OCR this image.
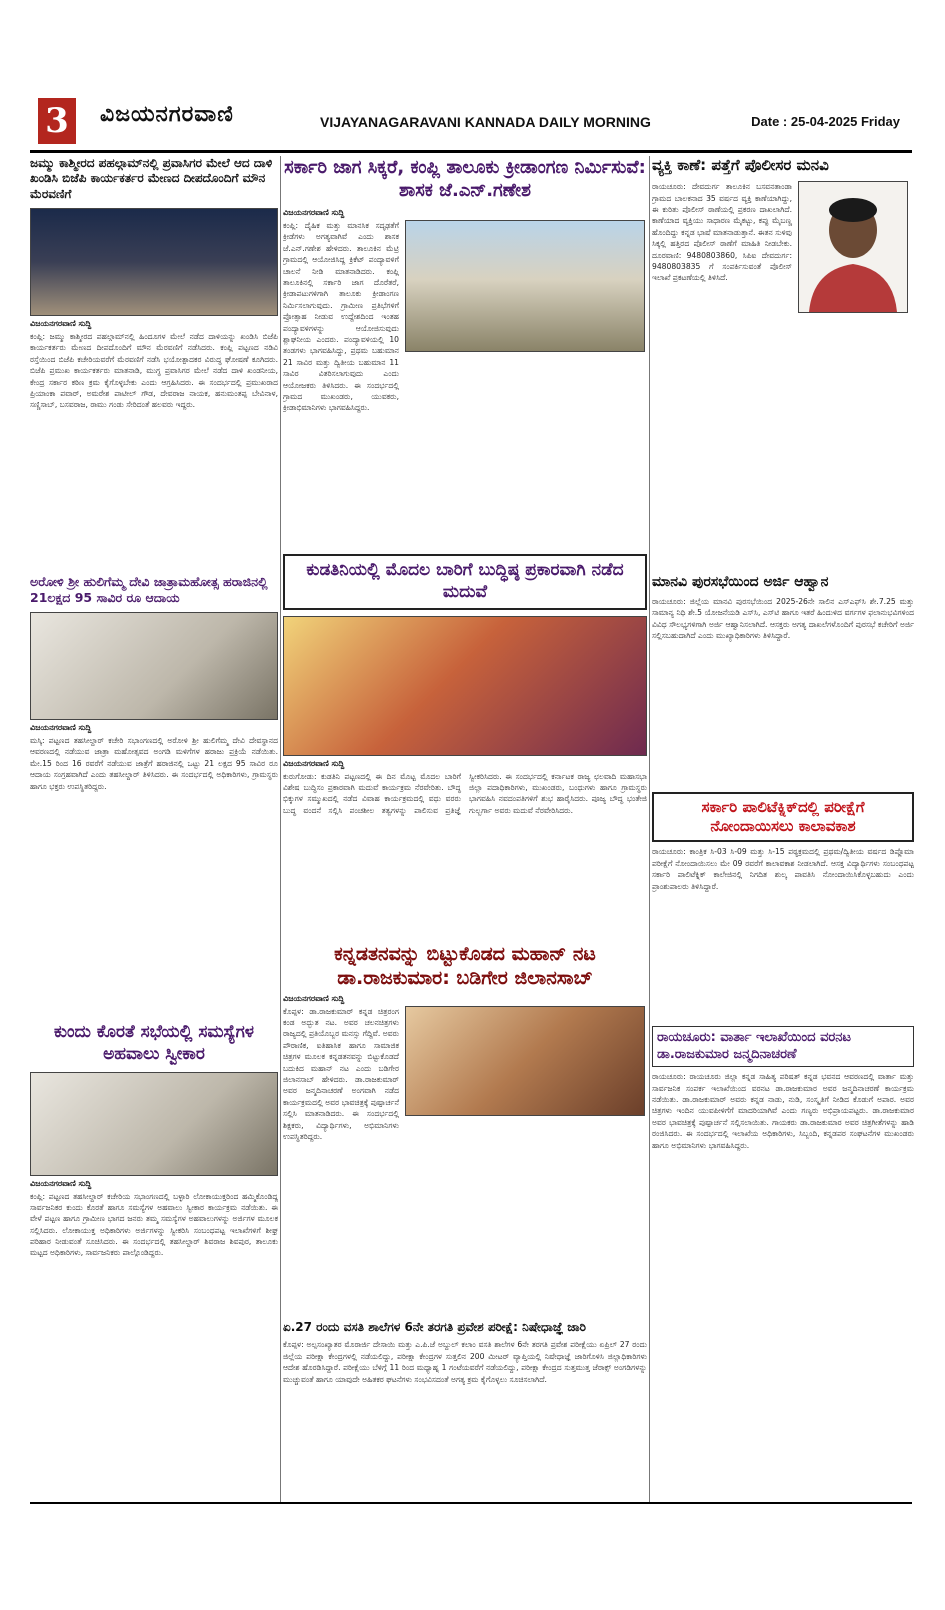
3	ವಿಜಯನಗರವಾಣಿ	VIJAYANAGARAVANI KANNADA DAILY MORNING	Date : 25-04-2025 Friday
ಜಮ್ಮು ಕಾಶ್ಮೀರದ ಪಹಲ್ಗಾಮ್‌ನಲ್ಲಿ ಪ್ರವಾಸಿಗರ ಮೇಲೆ ಆದ ದಾಳಿ ಖಂಡಿಸಿ ಬಿಜೆಪಿ ಕಾರ್ಯಕರ್ತರ ಮೇಣದ ದೀಪದೊಂದಿಗೆ ಮೌನ ಮೆರವಣಿಗೆ
ವಿಜಯನಗರವಾಣಿ ಸುದ್ದಿ
ಕಂಪ್ಲಿ: ಜಮ್ಮು ಕಾಶ್ಮೀರದ ಪಹಲ್ಗಾಮ್‌ನಲ್ಲಿ ಹಿಂದೂಗಳ ಮೇಲೆ ನಡೆದ ದಾಳಿಯನ್ನು ಖಂಡಿಸಿ ಬಿಜೆಪಿ ಕಾರ್ಯಕರ್ತರು ಮೇಣದ ದೀಪದೊಂದಿಗೆ ಮೌನ ಮೆರವಣಿಗೆ ನಡೆಸಿದರು. ಕಂಪ್ಲಿ ಪಟ್ಟಣದ ನಡಿವಿ ರಸ್ತೆಯಿಂದ ಬಿಜೆಪಿ ಕಚೇರಿಯವರೆಗೆ ಮೆರವಣಿಗೆ ನಡೆಸಿ ಭಯೋತ್ಪಾದಕರ ವಿರುದ್ಧ ಘೋಷಣೆ ಕೂಗಿದರು. ಬಿಜೆಪಿ ಪ್ರಮುಖ ಕಾರ್ಯಕರ್ತರು ಮಾತನಾಡಿ, ಮುಗ್ಧ ಪ್ರವಾಸಿಗರ ಮೇಲೆ ನಡೆದ ದಾಳಿ ಖಂಡನೀಯ, ಕೇಂದ್ರ ಸರ್ಕಾರ ಕಠಿಣ ಕ್ರಮ ಕೈಗೊಳ್ಳಬೇಕು ಎಂದು ಆಗ್ರಹಿಸಿದರು. ಈ ಸಂದರ್ಭದಲ್ಲಿ ಪ್ರಮುಖರಾದ ಪ್ರಿಯಾಂಕಾ ಪವಾರ್, ಅಮರೇಶ ಪಾಟೀಲ್ ಗೌಡ, ದೇವರಾಜ ನಾಯಕ, ಹನುಮಂತಪ್ಪ ಬೇವಿನಾಳ, ಸಣ್ಣಿಸಾಬ್, ಬಸವರಾಜ, ರಾಮು ಗಂಡು ಸೇರಿದಂತೆ ಹಲವರು ಇದ್ದರು.
ಅರೋಳಿ ಶ್ರೀ ಹುಲಿಗೆಮ್ಮ ದೇವಿ ಜಾತ್ರಾಮಹೋತ್ಸ ಹರಾಜಿನಲ್ಲಿ 21ಲಕ್ಷದ 95 ಸಾವಿರ ರೂ ಆದಾಯ
ವಿಜಯನಗರವಾಣಿ ಸುದ್ದಿ
ಮಸ್ಕಿ: ಪಟ್ಟಣದ ತಹಸೀಲ್ದಾರ್ ಕಚೇರಿ ಸಭಾಂಗಣದಲ್ಲಿ ಅರೋಳಿ ಶ್ರೀ ಹುಲಿಗೆಮ್ಮ ದೇವಿ ದೇವಸ್ಥಾನದ ಆವರಣದಲ್ಲಿ ನಡೆಯುವ ಜಾತ್ರಾ ಮಹೋತ್ಸವದ ಅಂಗಡಿ ಮಳಿಗೆಗಳ ಹರಾಜು ಪ್ರಕ್ರಿಯೆ ನಡೆಯಿತು. ಮೇ.15 ರಿಂದ 16 ರವರೆಗೆ ನಡೆಯುವ ಜಾತ್ರೆಗೆ ಹರಾಜಿನಲ್ಲಿ ಒಟ್ಟು 21 ಲಕ್ಷದ 95 ಸಾವಿರ ರೂ ಆದಾಯ ಸಂಗ್ರಹವಾಗಿದೆ ಎಂದು ತಹಸೀಲ್ದಾರ್ ತಿಳಿಸಿದರು. ಈ ಸಂದರ್ಭದಲ್ಲಿ ಅಧಿಕಾರಿಗಳು, ಗ್ರಾಮಸ್ಥರು ಹಾಗೂ ಭಕ್ತರು ಉಪಸ್ಥಿತರಿದ್ದರು.
ಕುಂದು ಕೊರತೆ ಸಭೆಯಲ್ಲಿ ಸಮಸ್ಯೆಗಳ ಅಹವಾಲು ಸ್ವೀಕಾರ
ವಿಜಯನಗರವಾಣಿ ಸುದ್ದಿ
ಕಂಪ್ಲಿ: ಪಟ್ಟಣದ ತಹಸೀಲ್ದಾರ್ ಕಚೇರಿಯ ಸಭಾಂಗಣದಲ್ಲಿ ಬಳ್ಳಾರಿ ಲೋಕಾಯುಕ್ತರಿಂದ ಹಮ್ಮಿಕೊಂಡಿದ್ದ ಸಾರ್ವಜನಿಕರ ಕುಂದು ಕೊರತೆ ಹಾಗೂ ಸಮಸ್ಯೆಗಳ ಅಹವಾಲು ಸ್ವೀಕಾರ ಕಾರ್ಯಕ್ರಮ ನಡೆಯಿತು. ಈ ವೇಳೆ ಪಟ್ಟಣ ಹಾಗೂ ಗ್ರಾಮೀಣ ಭಾಗದ ಜನರು ತಮ್ಮ ಸಮಸ್ಯೆಗಳ ಅಹವಾಲುಗಳನ್ನು ಅರ್ಜಿಗಳ ಮೂಲಕ ಸಲ್ಲಿಸಿದರು. ಲೋಕಾಯುಕ್ತ ಅಧಿಕಾರಿಗಳು ಅರ್ಜಿಗಳನ್ನು ಸ್ವೀಕರಿಸಿ ಸಂಬಂಧಪಟ್ಟ ಇಲಾಖೆಗಳಿಗೆ ಶೀಘ್ರ ಪರಿಹಾರ ನೀಡುವಂತೆ ಸೂಚಿಸಿದರು. ಈ ಸಂದರ್ಭದಲ್ಲಿ ತಹಸೀಲ್ದಾರ್ ಶಿವರಾಜ ಶಿವಪುರ, ತಾಲೂಕು ಮಟ್ಟದ ಅಧಿಕಾರಿಗಳು, ಸಾರ್ವಜನಿಕರು ಪಾಲ್ಗೊಂಡಿದ್ದರು.
ಸರ್ಕಾರಿ ಜಾಗ ಸಿಕ್ಕರೆ, ಕಂಪ್ಲಿ ತಾಲೂಕು ಕ್ರೀಡಾಂಗಣ ನಿರ್ಮಿಸುವೆ: ಶಾಸಕ ಜೆ.ಎನ್.ಗಣೇಶ
ವಿಜಯನಗರವಾಣಿ ಸುದ್ದಿ
ಕಂಪ್ಲಿ: ದೈಹಿಕ ಮತ್ತು ಮಾನಸಿಕ ಸದೃಢತೆಗೆ ಕ್ರೀಡೆಗಳು ಅಗತ್ಯವಾಗಿವೆ ಎಂದು ಶಾಸಕ ಜೆ.ಎನ್.ಗಣೇಶ ಹೇಳಿದರು. ತಾಲೂಕಿನ ಮೆಟ್ರಿ ಗ್ರಾಮದಲ್ಲಿ ಆಯೋಜಿಸಿದ್ದ ಕ್ರಿಕೆಟ್ ಪಂದ್ಯಾವಳಿಗೆ ಚಾಲನೆ ನೀಡಿ ಮಾತನಾಡಿದರು. ಕಂಪ್ಲಿ ತಾಲೂಕಿನಲ್ಲಿ ಸರ್ಕಾರಿ ಜಾಗ ದೊರೆತರೆ, ಕ್ರೀಡಾಪಟುಗಳಿಗಾಗಿ ತಾಲೂಕು ಕ್ರೀಡಾಂಗಣ ನಿರ್ಮಿಸಲಾಗುವುದು. ಗ್ರಾಮೀಣ ಪ್ರತಿಭೆಗಳಿಗೆ ಪ್ರೋತ್ಸಾಹ ನೀಡುವ ಉದ್ದೇಶದಿಂದ ಇಂತಹ ಪಂದ್ಯಾವಳಿಗಳನ್ನು ಆಯೋಜಿಸುವುದು ಶ್ಲಾಘನೀಯ ಎಂದರು. ಪಂದ್ಯಾವಳಿಯಲ್ಲಿ 10 ತಂಡಗಳು ಭಾಗವಹಿಸಿದ್ದು, ಪ್ರಥಮ ಬಹುಮಾನ 21 ಸಾವಿರ ಮತ್ತು ದ್ವಿತೀಯ ಬಹುಮಾನ 11 ಸಾವಿರ ವಿತರಿಸಲಾಗುವುದು ಎಂದು ಆಯೋಜಕರು ತಿಳಿಸಿದರು. ಈ ಸಂದರ್ಭದಲ್ಲಿ ಗ್ರಾಮದ ಮುಖಂಡರು, ಯುವಕರು, ಕ್ರೀಡಾಭಿಮಾನಿಗಳು ಭಾಗವಹಿಸಿದ್ದರು.
ಕುಡತಿನಿಯಲ್ಲಿ ಮೊದಲ ಬಾರಿಗೆ ಬುದ್ಧಿಷ್ಠ ಪ್ರಕಾರವಾಗಿ ನಡೆದ ಮದುವೆ
ವಿಜಯನಗರವಾಣಿ ಸುದ್ದಿ
ಕುರುಗೋಡು: ಕುಡತಿನಿ ಪಟ್ಟಣದಲ್ಲಿ ಈ ದಿನ ಮೊಟ್ಟ ಮೊದಲ ಬಾರಿಗೆ ವಿಶೇಷ ಬುದ್ಧಿಸಂ ಪ್ರಕಾರವಾಗಿ ಮದುವೆ ಕಾರ್ಯಕ್ರಮ ನೆರವೇರಿತು. ಬೌದ್ಧ ಭಿಕ್ಕುಗಳ ಸಮ್ಮುಖದಲ್ಲಿ ನಡೆದ ವಿವಾಹ ಕಾರ್ಯಕ್ರಮದಲ್ಲಿ ವಧು ವರರು ಬುದ್ಧ ವಂದನೆ ಸಲ್ಲಿಸಿ ಪಂಚಶೀಲ ತತ್ವಗಳನ್ನು ಪಾಲಿಸುವ ಪ್ರತಿಜ್ಞೆ ಸ್ವೀಕರಿಸಿದರು. ಈ ಸಂದರ್ಭದಲ್ಲಿ ಕರ್ನಾಟಕ ರಾಜ್ಯ ಛಲವಾದಿ ಮಹಾಸಭಾ ಜಿಲ್ಲಾ ಪದಾಧಿಕಾರಿಗಳು, ಮುಖಂಡರು, ಬಂಧುಗಳು ಹಾಗೂ ಗ್ರಾಮಸ್ಥರು ಭಾಗವಹಿಸಿ ನವದಂಪತಿಗಳಿಗೆ ಶುಭ ಹಾರೈಸಿದರು. ಪೂಜ್ಯ ಬೌದ್ಧ ಭಂತೇಜಿ ಗುಲ್ಬರ್ಗಾ ಅವರು ಮದುವೆ ನೆರವೇರಿಸಿದರು.
ಕನ್ನಡತನವನ್ನು ಬಿಟ್ಟುಕೊಡದ ಮಹಾನ್ ನಟ ಡಾ.ರಾಜಕುಮಾರ: ಬಡಿಗೇರ ಜಿಲಾನಸಾಬ್
ವಿಜಯನಗರವಾಣಿ ಸುದ್ದಿ
ಕೊಪ್ಪಳ: ಡಾ.ರಾಜಕುಮಾರ್ ಕನ್ನಡ ಚಿತ್ರರಂಗ ಕಂಡ ಅದ್ಭುತ ನಟ. ಅವರ ಚಲನಚಿತ್ರಗಳು ರಾಜ್ಯದಲ್ಲಿ ಪ್ರತಿಯೊಬ್ಬರ ಮನಸ್ಸು ಗೆದ್ದಿವೆ. ಅವರು ಪೌರಾಣಿಕ, ಐತಿಹಾಸಿಕ ಹಾಗೂ ಸಾಮಾಜಿಕ ಚಿತ್ರಗಳ ಮೂಲಕ ಕನ್ನಡತನವನ್ನು ಬಿಟ್ಟುಕೊಡದೆ ಬದುಕಿದ ಮಹಾನ್ ನಟ ಎಂದು ಬಡಿಗೇರ ಜಿಲಾನಸಾಬ್ ಹೇಳಿದರು. ಡಾ.ರಾಜಕುಮಾರ್ ಅವರ ಜನ್ಮದಿನಾಚರಣೆ ಅಂಗವಾಗಿ ನಡೆದ ಕಾರ್ಯಕ್ರಮದಲ್ಲಿ ಅವರ ಭಾವಚಿತ್ರಕ್ಕೆ ಪುಷ್ಪಾರ್ಚನೆ ಸಲ್ಲಿಸಿ ಮಾತನಾಡಿದರು. ಈ ಸಂದರ್ಭದಲ್ಲಿ ಶಿಕ್ಷಕರು, ವಿದ್ಯಾರ್ಥಿಗಳು, ಅಭಿಮಾನಿಗಳು ಉಪಸ್ಥಿತರಿದ್ದರು.
ಏ.27 ರಂದು ವಸತಿ ಶಾಲೆಗಳ 6ನೇ ತರಗತಿ ಪ್ರವೇಶ ಪರೀಕ್ಷೆ: ನಿಷೇಧಾಜ್ಞೆ ಜಾರಿ
ಕೊಪ್ಪಳ: ಅಲ್ಪಸಂಖ್ಯಾತರ ಮೊರಾರ್ಜಿ ದೇಸಾಯಿ ಮತ್ತು ಎ.ಪಿ.ಜೆ ಅಬ್ದುಲ್ ಕಲಾಂ ವಸತಿ ಶಾಲೆಗಳ 6ನೇ ತರಗತಿ ಪ್ರವೇಶ ಪರೀಕ್ಷೆಯು ಏಪ್ರಿಲ್ 27 ರಂದು ಜಿಲ್ಲೆಯ ಪರೀಕ್ಷಾ ಕೇಂದ್ರಗಳಲ್ಲಿ ನಡೆಯಲಿದ್ದು, ಪರೀಕ್ಷಾ ಕೇಂದ್ರಗಳ ಸುತ್ತಲಿನ 200 ಮೀಟರ್ ವ್ಯಾಪ್ತಿಯಲ್ಲಿ ನಿಷೇಧಾಜ್ಞೆ ಜಾರಿಗೊಳಿಸಿ ಜಿಲ್ಲಾಧಿಕಾರಿಗಳು ಆದೇಶ ಹೊರಡಿಸಿದ್ದಾರೆ. ಪರೀಕ್ಷೆಯು ಬೆಳಿಗ್ಗೆ 11 ರಿಂದ ಮಧ್ಯಾಹ್ನ 1 ಗಂಟೆಯವರೆಗೆ ನಡೆಯಲಿದ್ದು, ಪರೀಕ್ಷಾ ಕೇಂದ್ರದ ಸುತ್ತಮುತ್ತ ಜೆರಾಕ್ಸ್ ಅಂಗಡಿಗಳನ್ನು ಮುಚ್ಚುವಂತೆ ಹಾಗೂ ಯಾವುದೇ ಅಹಿತಕರ ಘಟನೆಗಳು ಸಂಭವಿಸದಂತೆ ಅಗತ್ಯ ಕ್ರಮ ಕೈಗೊಳ್ಳಲು ಸೂಚಿಸಲಾಗಿದೆ.
ವ್ಯಕ್ತಿ ಕಾಣೆ: ಪತ್ತೆಗೆ ಪೊಲೀಸರ ಮನವಿ
ರಾಯಚೂರು: ದೇವದುರ್ಗ ತಾಲೂಕಿನ ಬಸವನತಾಂಡಾ ಗ್ರಾಮದ ಬಾಲಕನಾದ 35 ವರ್ಷದ ವ್ಯಕ್ತಿ ಕಾಣೆಯಾಗಿದ್ದು, ಈ ಕುರಿತು ಪೊಲೀಸ್ ಠಾಣೆಯಲ್ಲಿ ಪ್ರಕರಣ ದಾಖಲಾಗಿದೆ. ಕಾಣೆಯಾದ ವ್ಯಕ್ತಿಯು ಸಾಧಾರಣ ಮೈಕಟ್ಟು, ಕಪ್ಪು ಮೈಬಣ್ಣ ಹೊಂದಿದ್ದು ಕನ್ನಡ ಭಾಷೆ ಮಾತನಾಡುತ್ತಾನೆ. ಈತನ ಸುಳಿವು ಸಿಕ್ಕಲ್ಲಿ ಹತ್ತಿರದ ಪೊಲೀಸ್ ಠಾಣೆಗೆ ಮಾಹಿತಿ ನೀಡಬೇಕು. ದೂರವಾಣಿ: 9480803860, ಸಿಪಿಐ ದೇವದುರ್ಗ: 9480803835 ಗೆ ಸಂಪರ್ಕಿಸುವಂತೆ ಪೊಲೀಸ್ ಇಲಾಖೆ ಪ್ರಕಟಣೆಯಲ್ಲಿ ತಿಳಿಸಿದೆ.
ಮಾನವಿ ಪುರಸಭೆಯಿಂದ ಅರ್ಜಿ ಆಹ್ವಾನ
ರಾಯಚೂರು: ಜಿಲ್ಲೆಯ ಮಾನವಿ ಪುರಸಭೆಯಿಂದ 2025-26ನೇ ಸಾಲಿನ ಎಸ್‌ಎಫ್‌ಸಿ ಶೇ.7.25 ಮತ್ತು ಸಾಮಾನ್ಯ ನಿಧಿ ಶೇ.5 ಯೋಜನೆಯಡಿ ಎಸ್‌ಸಿ, ಎಸ್‌ಟಿ ಹಾಗೂ ಇತರೆ ಹಿಂದುಳಿದ ವರ್ಗಗಳ ಫಲಾನುಭವಿಗಳಿಂದ ವಿವಿಧ ಸೌಲಭ್ಯಗಳಿಗಾಗಿ ಅರ್ಜಿ ಆಹ್ವಾನಿಸಲಾಗಿದೆ. ಆಸಕ್ತರು ಅಗತ್ಯ ದಾಖಲೆಗಳೊಂದಿಗೆ ಪುರಸಭೆ ಕಚೇರಿಗೆ ಅರ್ಜಿ ಸಲ್ಲಿಸಬಹುದಾಗಿದೆ ಎಂದು ಮುಖ್ಯಾಧಿಕಾರಿಗಳು ತಿಳಿಸಿದ್ದಾರೆ.
ಸರ್ಕಾರಿ ಪಾಲಿಟೆಕ್ನಿಕ್‌ದಲ್ಲಿ ಪರೀಕ್ಷೆಗೆ ನೋಂದಾಯಿಸಲು ಕಾಲಾವಕಾಶ
ರಾಯಚೂರು: ಕಾಂತ್ರಿಕ ಸಿ-03 ಸಿ-09 ಮತ್ತು ಸಿ-15 ಪಠ್ಯಕ್ರಮದಲ್ಲಿ ಪ್ರಥಮ/ದ್ವಿತೀಯ ವರ್ಷದ ಡಿಪ್ಲೊಮಾ ಪರೀಕ್ಷೆಗೆ ನೋಂದಾಯಿಸಲು ಮೇ 09 ರವರೆಗೆ ಕಾಲಾವಕಾಶ ನೀಡಲಾಗಿದೆ. ಆಸಕ್ತ ವಿದ್ಯಾರ್ಥಿಗಳು ಸಂಬಂಧಪಟ್ಟ ಸರ್ಕಾರಿ ಪಾಲಿಟೆಕ್ನಿಕ್ ಕಾಲೇಜಿನಲ್ಲಿ ನಿಗದಿತ ಶುಲ್ಕ ಪಾವತಿಸಿ ನೋಂದಾಯಿಸಿಕೊಳ್ಳಬಹುದು ಎಂದು ಪ್ರಾಂಶುಪಾಲರು ತಿಳಿಸಿದ್ದಾರೆ.
ರಾಯಚೂರು: ವಾರ್ತಾ ಇಲಾಖೆಯಿಂದ ವರನಟ ಡಾ.ರಾಜಕುಮಾರ ಜನ್ಮದಿನಾಚರಣೆ
ರಾಯಚೂರು: ರಾಯಚೂರು ಜಿಲ್ಲಾ ಕನ್ನಡ ಸಾಹಿತ್ಯ ಪರಿಷತ್ ಕನ್ನಡ ಭವನದ ಆವರಣದಲ್ಲಿ ವಾರ್ತಾ ಮತ್ತು ಸಾರ್ವಜನಿಕ ಸಂಪರ್ಕ ಇಲಾಖೆಯಿಂದ ವರನಟ ಡಾ.ರಾಜಕುಮಾರ ಅವರ ಜನ್ಮದಿನಾಚರಣೆ ಕಾರ್ಯಕ್ರಮ ನಡೆಯಿತು. ಡಾ.ರಾಜಕುಮಾರ್ ಅವರು ಕನ್ನಡ ನಾಡು, ನುಡಿ, ಸಂಸ್ಕೃತಿಗೆ ನೀಡಿದ ಕೊಡುಗೆ ಅಪಾರ. ಅವರ ಚಿತ್ರಗಳು ಇಂದಿನ ಯುವಪೀಳಿಗೆಗೆ ಮಾದರಿಯಾಗಿವೆ ಎಂದು ಗಣ್ಯರು ಅಭಿಪ್ರಾಯಪಟ್ಟರು. ಡಾ.ರಾಜಕುಮಾರ ಅವರ ಭಾವಚಿತ್ರಕ್ಕೆ ಪುಷ್ಪಾರ್ಚನೆ ಸಲ್ಲಿಸಲಾಯಿತು. ಗಾಯಕರು ಡಾ.ರಾಜಕುಮಾರ ಅವರ ಚಿತ್ರಗೀತೆಗಳನ್ನು ಹಾಡಿ ರಂಜಿಸಿದರು. ಈ ಸಂದರ್ಭದಲ್ಲಿ ಇಲಾಖೆಯ ಅಧಿಕಾರಿಗಳು, ಸಿಬ್ಬಂದಿ, ಕನ್ನಡಪರ ಸಂಘಟನೆಗಳ ಮುಖಂಡರು ಹಾಗೂ ಅಭಿಮಾನಿಗಳು ಭಾಗವಹಿಸಿದ್ದರು.
